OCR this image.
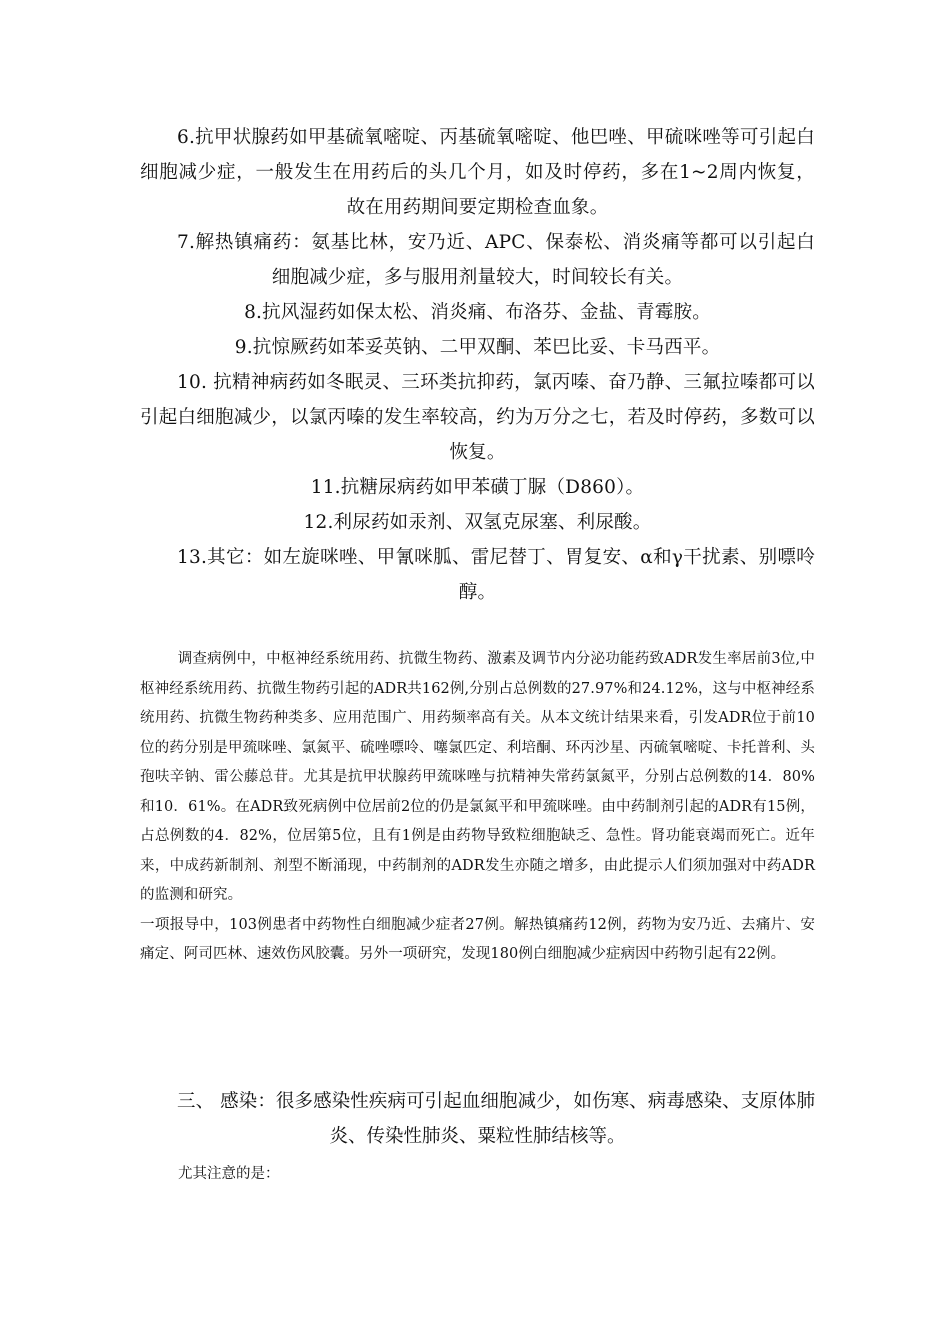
6.抗甲状腺药如甲基硫氧嘧啶、丙基硫氧嘧啶、他巴唑、甲硫咪唑等可引起白细胞减少症，一般发生在用药后的头几个月，如及时停药，多在1~2周内恢复，故在用药期间要定期检查血象。

7.解热镇痛药：氨基比林，安乃近、APC、保泰松、消炎痛等都可以引起白细胞减少症，多与服用剂量较大，时间较长有关。

8.抗风湿药如保太松、消炎痛、布洛芬、金盐、青霉胺。

9.抗惊厥药如苯妥英钠、二甲双酮、苯巴比妥、卡马西平。

10. 抗精神病药如冬眠灵、三环类抗抑药，氯丙嗪、奋乃静、三氟拉嗪都可以引起白细胞减少，以氯丙嗪的发生率较高，约为万分之七，若及时停药，多数可以恢复。

11.抗糖尿病药如甲苯磺丁脲（D860）。

12.利尿药如汞剂、双氢克尿塞、利尿酸。

13.其它：如左旋咪唑、甲氰咪胍、雷尼替丁、胃复安、α和γ干扰素、别嘌呤醇。

调查病例中，中枢神经系统用药、抗微生物药、激素及调节内分泌功能药致ADR发生率居前3位,中枢神经系统用药、抗微生物药引起的ADR共162例,分别占总例数的27.97%和24.12%，这与中枢神经系统用药、抗微生物药种类多、应用范围广、用药频率高有关。从本文统计结果来看，引发ADR位于前10位的药分别是甲巯咪唑、氯氮平、硫唑嘌呤、噻氯匹定、利培酮、环丙沙星、丙硫氧嘧啶、卡托普利、头孢呋辛钠、雷公藤总苷。尤其是抗甲状腺药甲巯咪唑与抗精神失常药氯氮平，分别占总例数的14．80%和10．61%。在ADR致死病例中位居前2位的仍是氯氮平和甲巯咪唑。由中药制剂引起的ADR有15例，占总例数的4．82%，位居第5位，且有1例是由药物导致粒细胞缺乏、急性。肾功能衰竭而死亡。近年来，中成药新制剂、剂型不断涌现，中药制剂的ADR发生亦随之增多，由此提示人们须加强对中药ADR的监测和研究。

一项报导中，103例患者中药物性白细胞减少症者27例。解热镇痛药12例，药物为安乃近、去痛片、安痛定、阿司匹林、速效伤风胶囊。另外一项研究，发现180例白细胞减少症病因中药物引起有22例。

三、 感染：很多感染性疾病可引起血细胞减少，如伤寒、病毒感染、支原体肺炎、传染性肺炎、粟粒性肺结核等。

尤其注意的是：
